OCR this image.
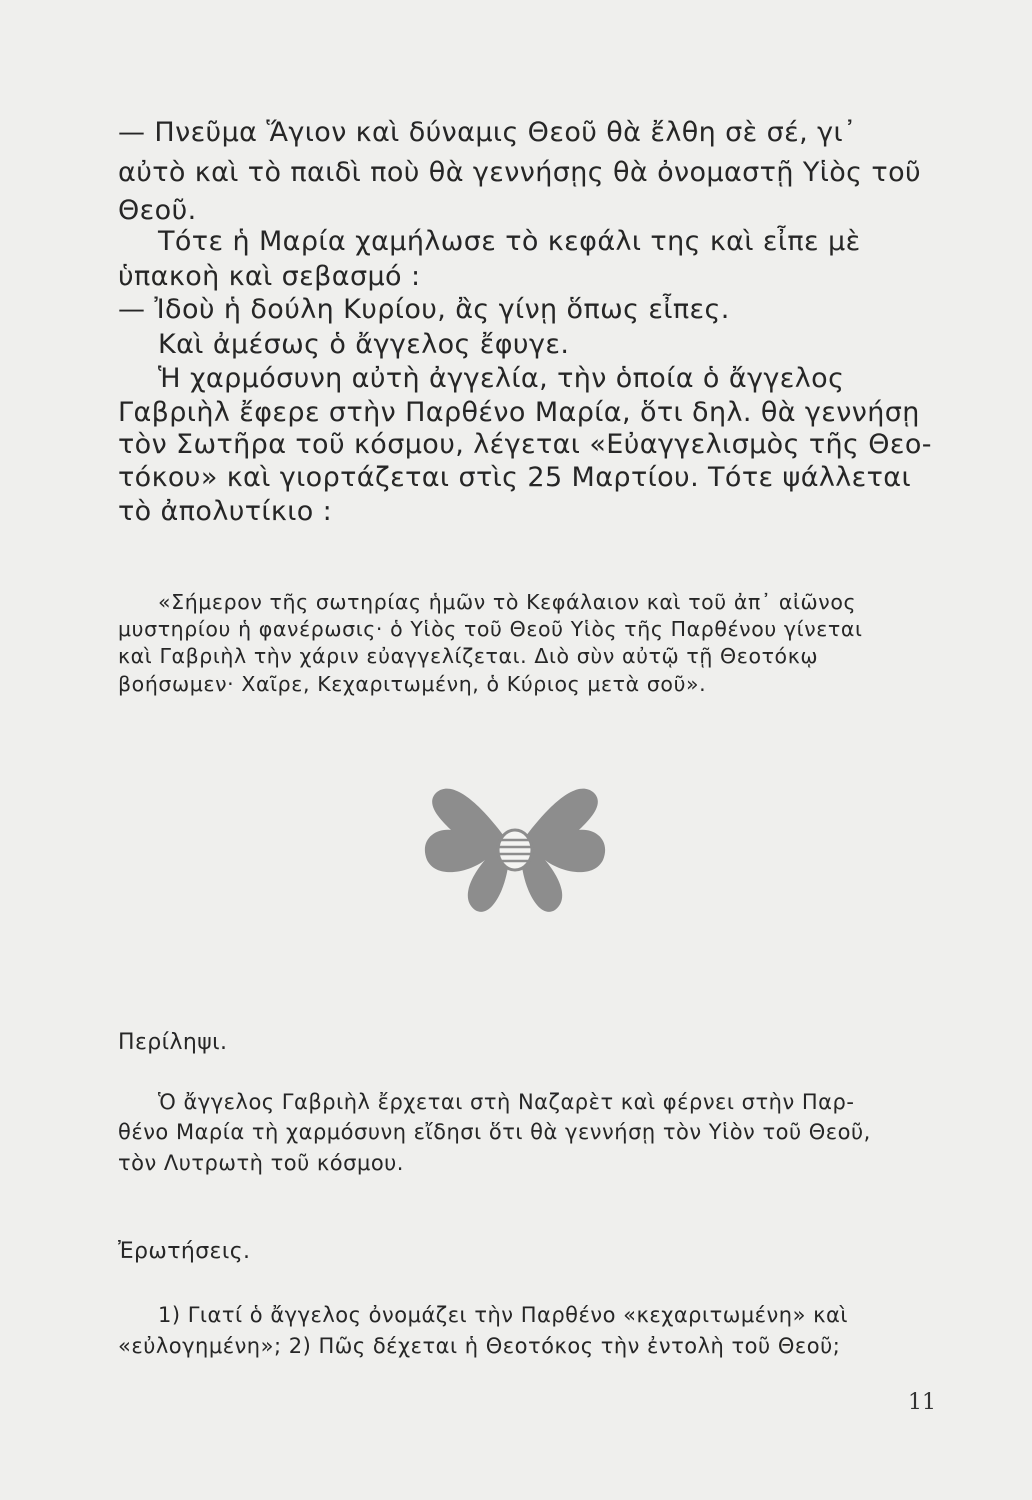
— Πνεῦμα Ἅγιον καὶ δύναμις Θεοῦ θὰ ἔλθη σὲ σέ, γι᾽
αὐτὸ καὶ τὸ παιδὶ ποὺ θὰ γεννήσῃς θὰ ὀνομαστῇ Υἱὸς τοῦ
Θεοῦ.
Τότε ἡ Μαρία χαμήλωσε τὸ κεφάλι της καὶ εἶπε μὲ
ὑπακοὴ καὶ σεβασμό :
— Ἰδοὺ ἡ δούλη Κυρίου, ἂς γίνῃ ὅπως εἶπες.
Καὶ ἀμέσως ὁ ἄγγελος ἔφυγε.
Ἡ χαρμόσυνη αὐτὴ ἀγγελία, τὴν ὁποία ὁ ἄγγελος
Γαβριὴλ ἔφερε στὴν Παρθένο Μαρία, ὅτι δηλ. θὰ γεννήσῃ
τὸν Σωτῆρα τοῦ κόσμου, λέγεται «Εὐαγγελισμὸς τῆς Θεο-
τόκου» καὶ γιορτάζεται στὶς 25 Μαρτίου. Τότε ψάλλεται
τὸ ἀπολυτίκιο :
«Σήμερον τῆς σωτηρίας ἡμῶν τὸ Κεφάλαιον καὶ τοῦ ἀπ᾽ αἰῶνος
μυστηρίου ἡ φανέρωσις· ὁ Υἱὸς τοῦ Θεοῦ Υἱὸς τῆς Παρθένου γίνεται
καὶ Γαβριὴλ τὴν χάριν εὐαγγελίζεται. Διὸ σὺν αὐτῷ τῇ Θεοτόκῳ
βοήσωμεν· Χαῖρε, Κεχαριτωμένη, ὁ Κύριος μετὰ σοῦ».
Περίληψι.
Ὁ ἄγγελος Γαβριὴλ ἔρχεται στὴ Ναζαρὲτ καὶ φέρνει στὴν Παρ-
θένο Μαρία τὴ χαρμόσυνη εἴδησι ὅτι θὰ γεννήσῃ τὸν Υἱὸν τοῦ Θεοῦ,
τὸν Λυτρωτὴ τοῦ κόσμου.
Ἐρωτήσεις.
1) Γιατί ὁ ἄγγελος ὀνομάζει τὴν Παρθένο «κεχαριτωμένη» καὶ
«εὐλογημένη»; 2) Πῶς δέχεται ἡ Θεοτόκος τὴν ἐντολὴ τοῦ Θεοῦ;
11
